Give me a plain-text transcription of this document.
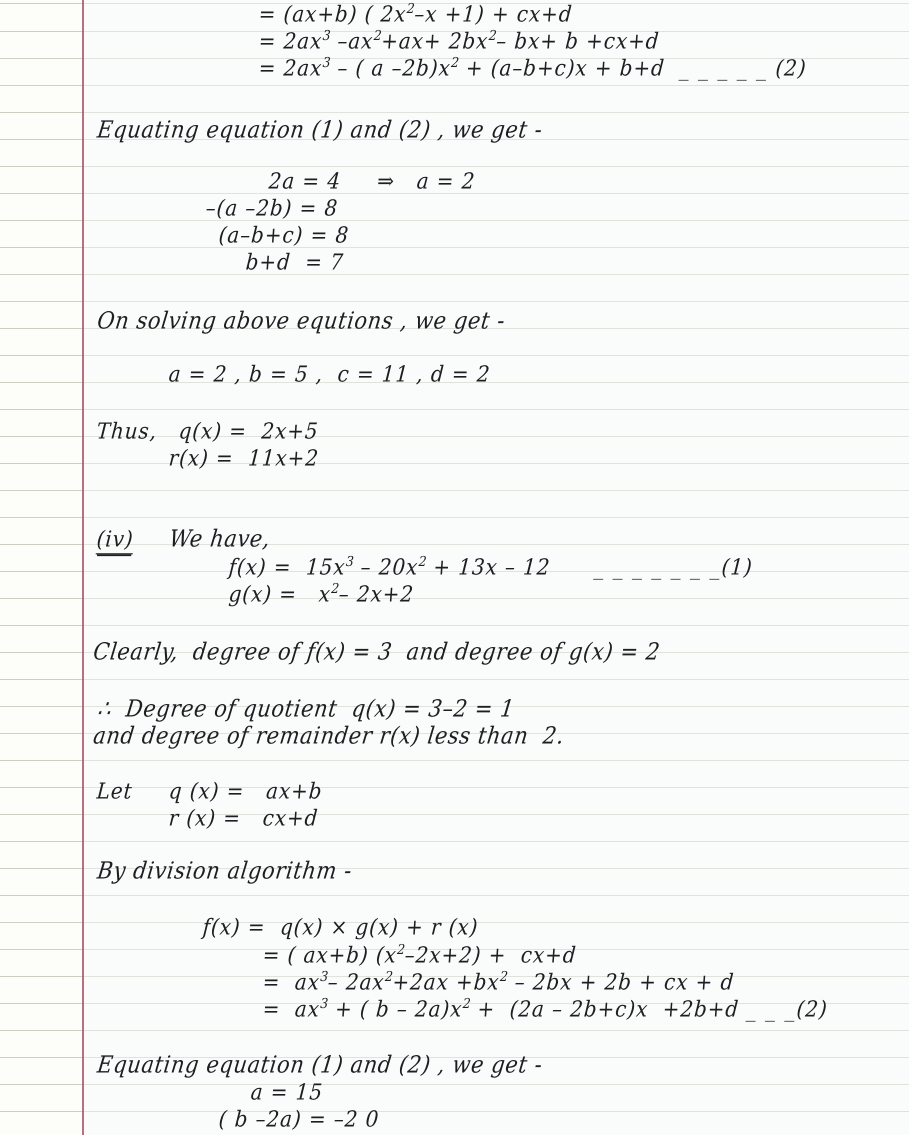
= (ax+b) ( $2x^2-x +1) + cx+d$
= $2ax^3$ $-ax^2+ax+ 2bx^2-$ bx+ b +cx+d
= $2ax^3$ – ( a $-2b)x^2 + (a-b+c)x + b+d$  _ _ _ _ _ (2)
Equating equation (1) and (2) , we get -
2a = 4     ⇒   a = 2
–(a –2b) = 8
(a–b+c) = 8
b+d  = 7
On solving above equtions , we get -
a = 2 , b = 5 ,  c = 11 , d = 2
Thus,   q(x) =  2x+5
r(x) =  11x+2
(iv) We have,
$f(x) = 15x^3 - 20x^2 + 13x - 12$      _ _ _ _ _ _ _(1)
$g(x) = x^2-$ 2x+2
Clearly,  degree of f(x) = 3  and degree of g(x) = 2
∴  Degree of quotient  q(x) = 3–2 = 1
and degree of remainder r(x) less than  2.
Let     q (x) =   ax+b
r (x) =   cx+d
By division algorithm -
f(x) =  q(x) × g(x) + r (x)
= ( ax+b) $(x^2-2x+2) + cx+d$
=  $ax^3-$ $2ax^2+2ax +bx^2 - 2bx + 2b$ + cx + d
=  $ax^3$ + ( $b - 2a)x^2 + (2a - 2b+c)x +2b+d$ _ _ _(2)
Equating equation (1) and (2) , we get -
a = 15
( b –2a) = –2 0
